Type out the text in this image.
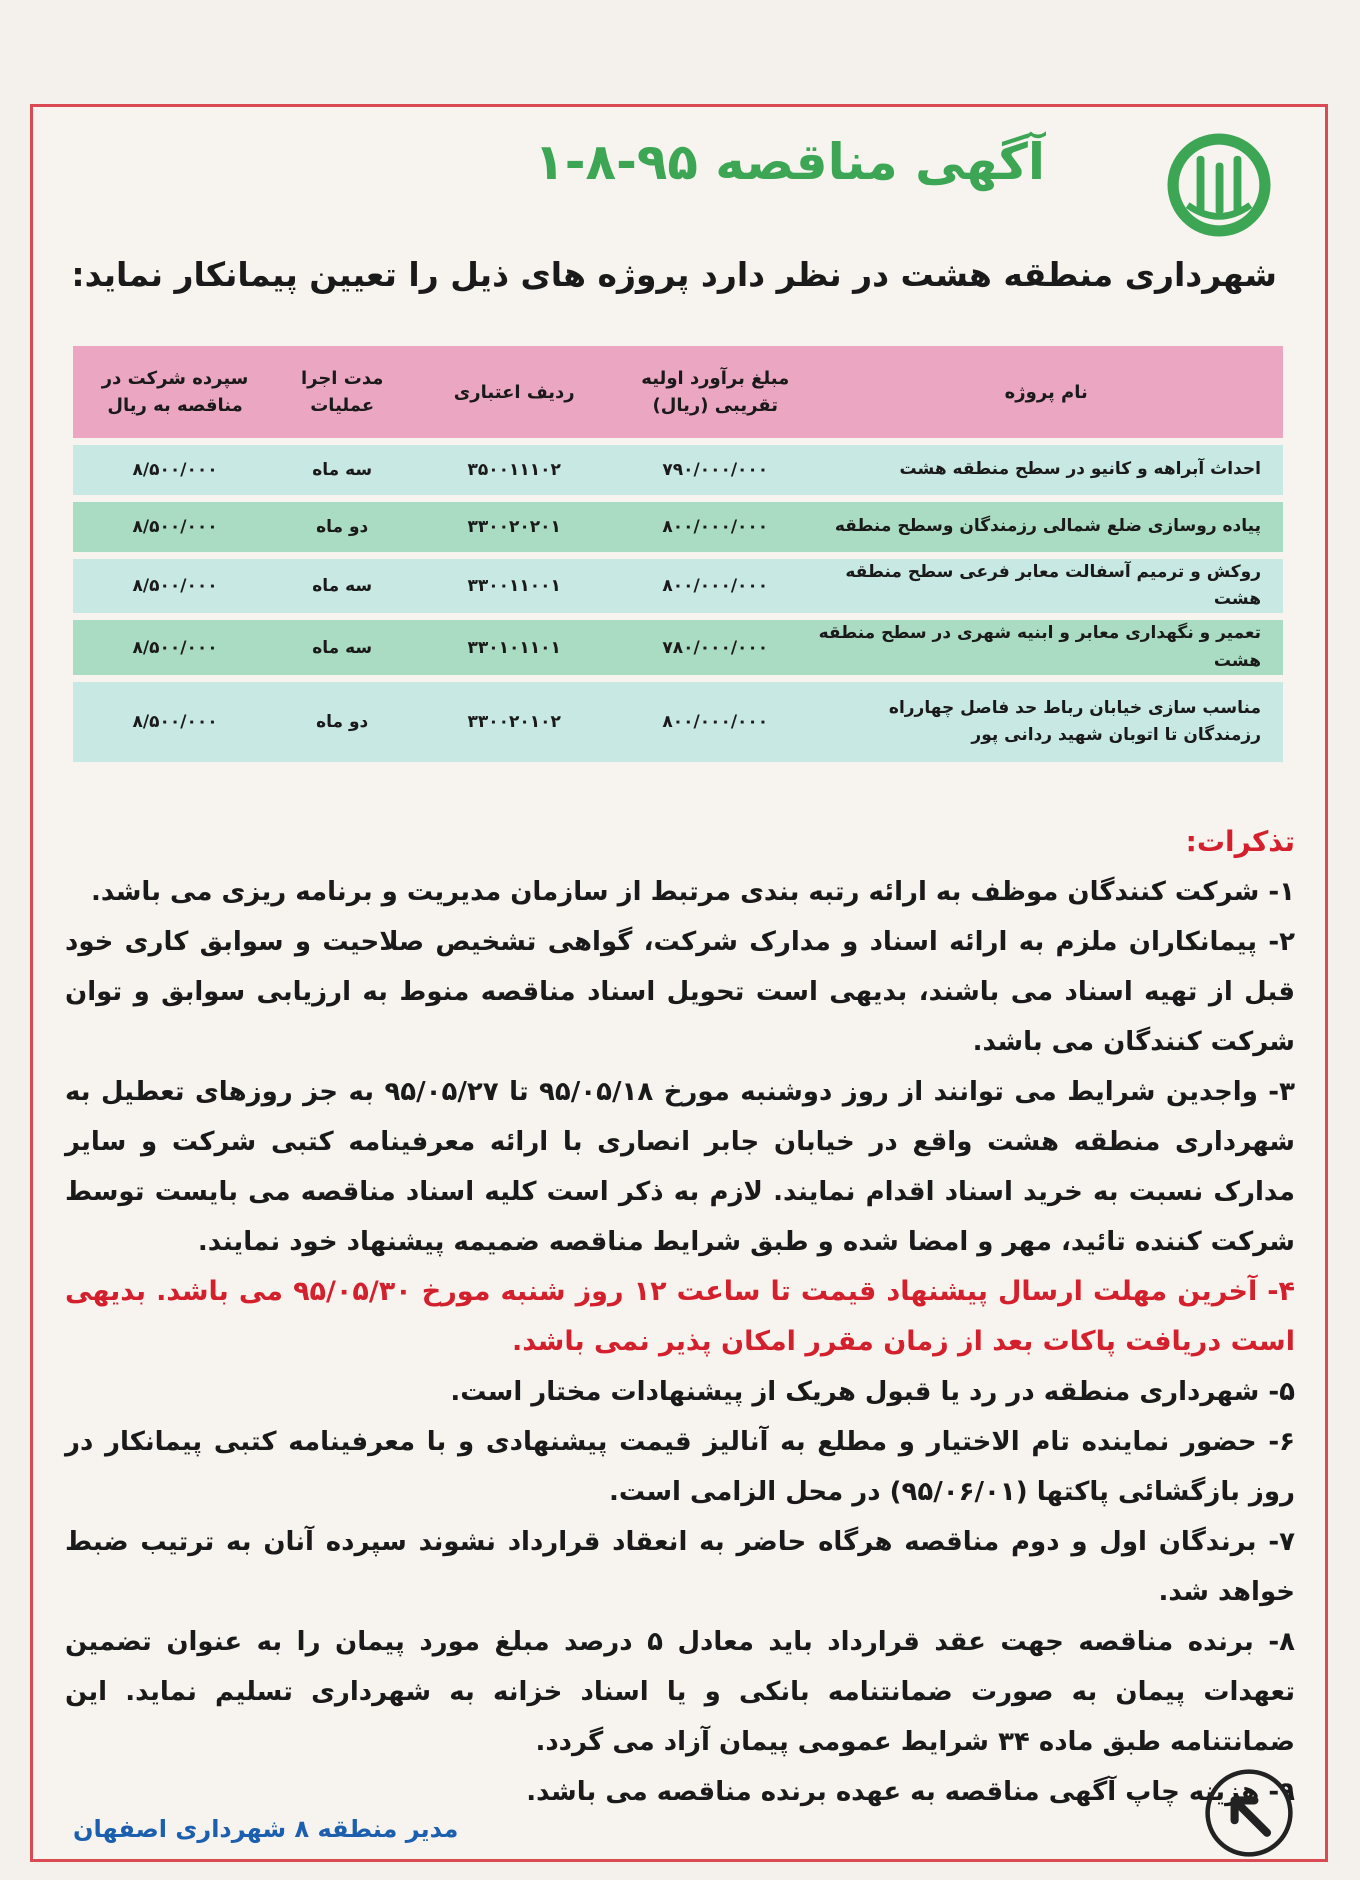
آگهی مناقصه ۹۵-۸-۱
شهرداری منطقه هشت در نظر دارد پروژه های ذیل را تعیین پیمانکار نماید:
نام پروژه	مبلغ برآورد اولیه تقریبی (ریال)	ردیف اعتباری	مدت اجرا عملیات	سپرده شرکت در مناقصه به ریال
احداث آبراهه و کانیو در سطح منطقه هشت	۷۹۰/۰۰۰/۰۰۰	۳۵۰۰۱۱۱۰۲	سه ماه	۸/۵۰۰/۰۰۰
پیاده روسازی ضلع شمالی رزمندگان وسطح منطقه	۸۰۰/۰۰۰/۰۰۰	۳۳۰۰۲۰۲۰۱	دو ماه	۸/۵۰۰/۰۰۰
روکش و ترمیم آسفالت معابر فرعی سطح منطقه هشت	۸۰۰/۰۰۰/۰۰۰	۳۳۰۰۱۱۰۰۱	سه ماه	۸/۵۰۰/۰۰۰
تعمیر و نگهداری معابر و ابنیه شهری در سطح منطقه هشت	۷۸۰/۰۰۰/۰۰۰	۳۳۰۱۰۱۱۰۱	سه ماه	۸/۵۰۰/۰۰۰
مناسب سازی خیابان رباط حد فاصل چهارراه رزمندگان تا اتوبان شهید ردانی پور	۸۰۰/۰۰۰/۰۰۰	۳۳۰۰۲۰۱۰۲	دو ماه	۸/۵۰۰/۰۰۰
تذکرات:

۱- شرکت کنندگان موظف به ارائه رتبه بندی مرتبط از سازمان مدیریت و برنامه ریزی می باشد.

۲- پیمانکاران ملزم به ارائه اسناد و مدارک شرکت، گواهی تشخیص صلاحیت و سوابق کاری خود قبل از تهیه اسناد می باشند، بدیهی است تحویل اسناد مناقصه منوط به ارزیابی سوابق و توان شرکت کنندگان می باشد.

۳- واجدین شرایط می توانند از روز دوشنبه مورخ ۹۵/۰۵/۱۸ تا ۹۵/۰۵/۲۷ به جز روزهای تعطیل به شهرداری منطقه هشت واقع در خیابان جابر انصاری با ارائه معرفینامه کتبی شرکت و سایر مدارک نسبت به خرید اسناد اقدام نمایند. لازم به ذکر است کلیه اسناد مناقصه می بایست توسط شرکت کننده تائید، مهر و امضا شده و طبق شرایط مناقصه ضمیمه پیشنهاد خود نمایند.

۴- آخرین مهلت ارسال پیشنهاد قیمت تا ساعت ۱۲ روز شنبه مورخ ۹۵/۰۵/۳۰ می باشد. بدیهی است دریافت پاکات بعد از زمان مقرر امکان پذیر نمی باشد.

۵- شهرداری منطقه در رد یا قبول هریک از پیشنهادات مختار است.

۶- حضور نماینده تام الاختیار و مطلع به آنالیز قیمت پیشنهادی و با معرفینامه کتبی پیمانکار در روز بازگشائی پاکتها (۹۵/۰۶/۰۱) در محل الزامی است.

۷- برندگان اول و دوم مناقصه هرگاه حاضر به انعقاد قرارداد نشوند سپرده آنان به ترتیب ضبط خواهد شد.

۸- برنده مناقصه جهت عقد قرارداد باید معادل ۵ درصد مبلغ مورد پیمان را به عنوان تضمین تعهدات پیمان به صورت ضمانتنامه بانکی و یا اسناد خزانه به شهرداری تسلیم نماید. این ضمانتنامه طبق ماده ۳۴ شرایط عمومی پیمان آزاد می گردد.

۹- هزینه چاپ آگهی مناقصه به عهده برنده مناقصه می باشد.

مدیر منطقه ۸ شهرداری اصفهان
